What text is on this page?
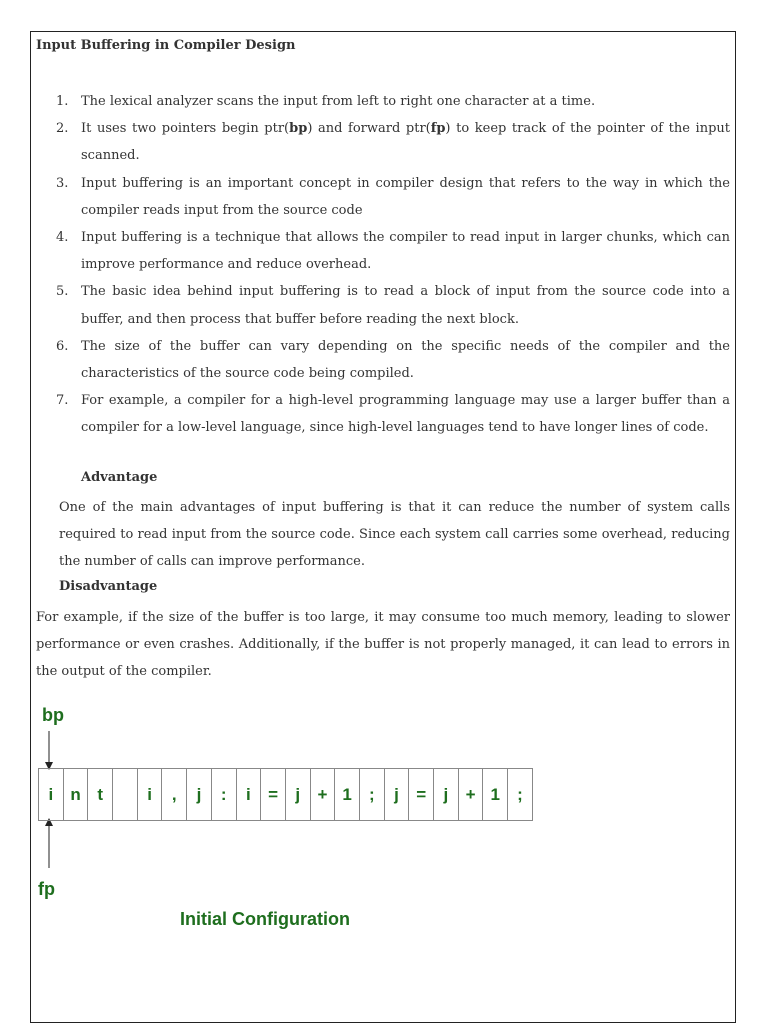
Input Buffering in Compiler Design
1. The lexical analyzer scans the input from left to right one character at a time.
2. It uses two pointers begin ptr(bp) and forward ptr(fp) to keep track of the pointer of the input scanned.
3. Input buffering is an important concept in compiler design that refers to the way in which the compiler reads input from the source code
4. Input buffering is a technique that allows the compiler to read input in larger chunks, which can improve performance and reduce overhead.
5. The basic idea behind input buffering is to read a block of input from the source code into a buffer, and then process that buffer before reading the next block.
6. The size of the buffer can vary depending on the specific needs of the compiler and the characteristics of the source code being compiled.
7. For example, a compiler for a high-level programming language may use a larger buffer than a compiler for a low-level language, since high-level languages tend to have longer lines of code.
Advantage
One of the main advantages of input buffering is that it can reduce the number of system calls required to read input from the source code. Since each system call carries some overhead, reducing the number of calls can improve performance.
Disadvantage
For example, if the size of the buffer is too large, it may consume too much memory, leading to slower performance or even crashes. Additionally, if the buffer is not properly managed, it can lead to errors in the output of the compiler.
bp
fp
Initial Configuration
i	n t	i	,	j	:	i	=	j	+ 1	;	j	=	j	+ 1	;
